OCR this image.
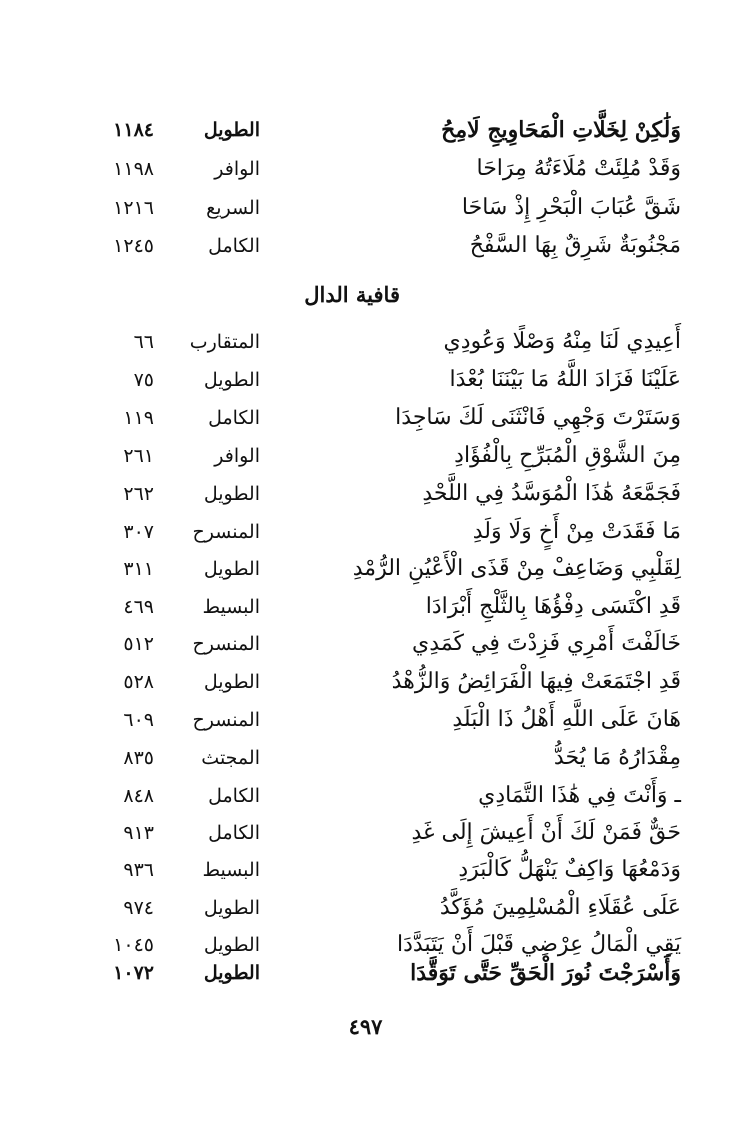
وَلَٰكِنْ لِخَلَّاتِ الْمَحَاوِيجِ لَامِحُ
الطويل
١١٨٤
وَقَدْ مُلِئَتْ مُلَاءَتُهُ مِرَاحَا
الوافر
١١٩٨
شَقَّ عُبَابَ الْبَحْرِ إِذْ سَاحَا
السريع
١٢١٦
مَجْنُوبَةٌ شَرِقٌ بِهَا السَّفْحُ
الكامل
١٢٤٥
قافية الدال
أَعِيدِي لَنَا مِنْهُ وَصْلًا وَعُودِي
المتقارب
٦٦
عَلَيْنَا فَزَادَ اللَّهُ مَا بَيْنَنَا بُعْدَا
الطويل
٧٥
وَسَتَرْتَ وَجْهِي فَانْثَنَى لَكَ سَاجِدَا
الكامل
١١٩
مِنَ الشَّوْقِ الْمُبَرِّحِ بِالْفُؤَادِ
الوافر
٢٦١
فَجَمَّعَهُ هَٰذَا الْمُوَسَّدُ فِي اللَّحْدِ
الطويل
٢٦٢
مَا فَقَدَتْ مِنْ أَخٍ وَلَا وَلَدِ
المنسرح
٣٠٧
لِقَلْبِي وَضَاعِفْ مِنْ قَذَى الْأَعْيُنِ الرُّمْدِ
الطويل
٣١١
قَدِ اكْتَسَى دِفْؤُهَا بِالثَّلْجِ أَبْرَادَا
البسيط
٤٦٩
خَالَفْتَ أَمْرِي فَزِدْتَ فِي كَمَدِي
المنسرح
٥١٢
قَدِ اجْتَمَعَتْ فِيهَا الْفَرَائِضُ وَالزُّهْدُ
الطويل
٥٢٨
هَانَ عَلَى اللَّهِ أَهْلُ ذَا الْبَلَدِ
المنسرح
٦٠٩
مِقْدَارُهُ مَا يُحَدُّ
المجتث
٨٣٥
ـ وَأَنْتَ فِي هَٰذَا التَّمَادِي
الكامل
٨٤٨
حَقٌّ فَمَنْ لَكَ أَنْ أَعِيشَ إِلَى غَدِ
الكامل
٩١٣
وَدَمْعُهَا وَاكِفٌ يَنْهَلُّ كَالْبَرَدِ
البسيط
٩٣٦
عَلَى عُقَلَاءِ الْمُسْلِمِينَ مُؤَكَّدُ
الطويل
٩٧٤
يَقِي الْمَالُ عِرْضِي قَبْلَ أَنْ يَتَبَدَّدَا
الطويل
١٠٤٥
وَأَسْرَجْتَ نُورَ الْحَقِّ حَتَّى تَوَقَّدَا
الطويل
١٠٧٢
٤٩٧
